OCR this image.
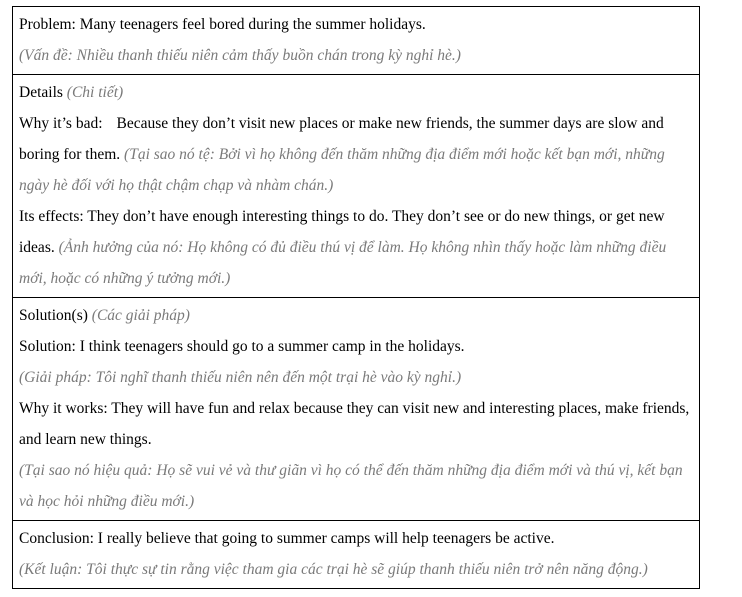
Problem: Many teenagers feel bored during the summer holidays.
(Vấn đề: Nhiều thanh thiếu niên cảm thấy buồn chán trong kỳ nghỉ hè.)
Details (Chi tiết)
Why it’s bad: Because they don’t visit new places or make new friends, the summer days are slow and boring for them. (Tại sao nó tệ: Bởi vì họ không đến thăm những địa điểm mới hoặc kết bạn mới, những ngày hè đối với họ thật chậm chạp và nhàm chán.)
Its effects: They don’t have enough interesting things to do. They don’t see or do new things, or get new ideas. (Ảnh hưởng của nó: Họ không có đủ điều thú vị để làm. Họ không nhìn thấy hoặc làm những điều mới, hoặc có những ý tưởng mới.)
Solution(s) (Các giải pháp)
Solution: I think teenagers should go to a summer camp in the holidays.
(Giải pháp: Tôi nghĩ thanh thiếu niên nên đến một trại hè vào kỳ nghỉ.)
Why it works: They will have fun and relax because they can visit new and interesting places, make friends, and learn new things.
(Tại sao nó hiệu quả: Họ sẽ vui vẻ và thư giãn vì họ có thể đến thăm những địa điểm mới và thú vị, kết bạn và học hỏi những điều mới.)
Conclusion: I really believe that going to summer camps will help teenagers be active.
(Kết luận: Tôi thực sự tin rằng việc tham gia các trại hè sẽ giúp thanh thiếu niên trở nên năng động.)
